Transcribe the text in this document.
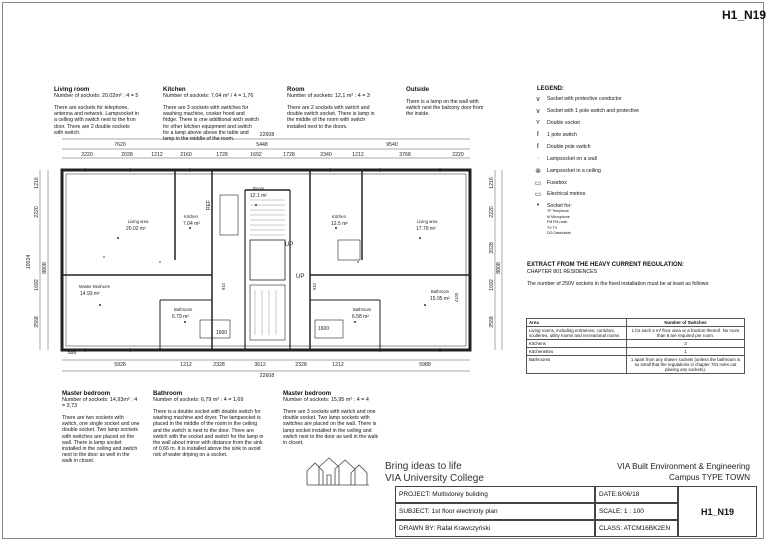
H1_N19
Living room
Number of sockets: 20,02m² : 4 = 5

There are sockets for telephone, antenna and network. Lampsocket in a celling with switch next to the fron door. There are 2 double sockets with switch.

Kitchen
Number of sockets: 7,04 m² / 4 = 1,76

There are 3 sockets with switches for washing machine, cooker hood and fridge. There is one additional wich switch for other kitchen equipment and switch for a lamp above above the table and lamp in the middle of the room.

Room
Number of sockets: 12,1 m² : 4 = 3

There are 2 sockets with switch and double switch socket. There is lamp in the middle of the room with switch installed next to the doors.

Outside

There is a lamp on the wall with switch next the balcony door from the inside.

LEGEND:
∨	Socket with protective conductor
∨	Socket with 1 pole switch and protective
ʏ	Double socket
ℓ	1 pole switch
ℓ	Double pole switch
·	Lampsocket on a wall
⊗	Lampsocket in a ceiling
▭	Fusebox
▭	Electrical metres
•	Socket for:
TF Telephone
M Microphone
FM FM radio
TV TV
DO Data/cable
EXTRACT FROM THE HEAVY CURRENT REGULATION:
CHAPTER 801 RESIDENCES
The number of 250V sockets in the fixed installation must be at least as follows:
Area	Number of Switches
Living rooms, including entrances, corridors, sculleries, utility rooms and recreational rooms	1 for each 4 m² floor area or a fraction thereof. No more than 8 are required per room.
Kitchens	3
Kitchenettes	1
Bathrooms	1 apart from any shaver sockets (unless the bathroom is so small that the regulations in chapter 701 rules out placing any sockets).
22608
7620	5448	9540
2220	2028	1212	2160	1728	1692	1728	2340	1212	3768	2220
5928	1212	2328	3612	2328	1212	5988
22608
1216
2220
10024
1692
2568
8808
588
1216
2220
2028
1692
2568
8808
Room
12.1 m²
Living area
20.02 m²
Kitchen
7.04 m²
Kitchen
12.5 m²	Living area
17.79 m²
Master Bedroom
14.93 m²
Bathroom
6.79 m²
Bathroom
6.58 m²
Bathroom
15.95 m²
UP
UP
REF
1600
1600
4100
910	910
Master bedroom
Number of sockets: 14,93m² : 4 = 3,73

There are two sockets with switch, one single socket and one double socket. Two lamp sockets with switches are placed on the wall. There is lamp socket installed in the ceiling and switch next to the door as well in the walk in closet.

Bathroom
Number of sockets: 6,79 m² : 4 = 1,69

There is a double socket with double switch for washing machine and dryer. The lampsocket is placed in the middle of the room in the ceiling and the switch is next to the door. There are switch with the socket and switch for the lamp in the wall about mirror with distance from the sink of 0,66 m. It is installed above the sink to avoid risk of water driping on a socket.

Master bedroom
Number of sockets: 15,95 m² : 4 = 4

There are 3 sockets with switch and one double socket. Two lamp sockets with switches are placed on the wall. There is lamp socket installed in the ceiling and switch next to the door as well in the walk in closet.

Bring ideas to life
VIA University College
VIA Built Environment & Engineering
Campus TYPE TOWN
PROJECT: Multistorey building	DATE:8/06/18
SUBJECT: 1st floor electricity plan	SCALE: 1 : 100
DRAWN BY: Rafał Krawczyński	CLASS: ATCM16BK2EN
H1_N19
